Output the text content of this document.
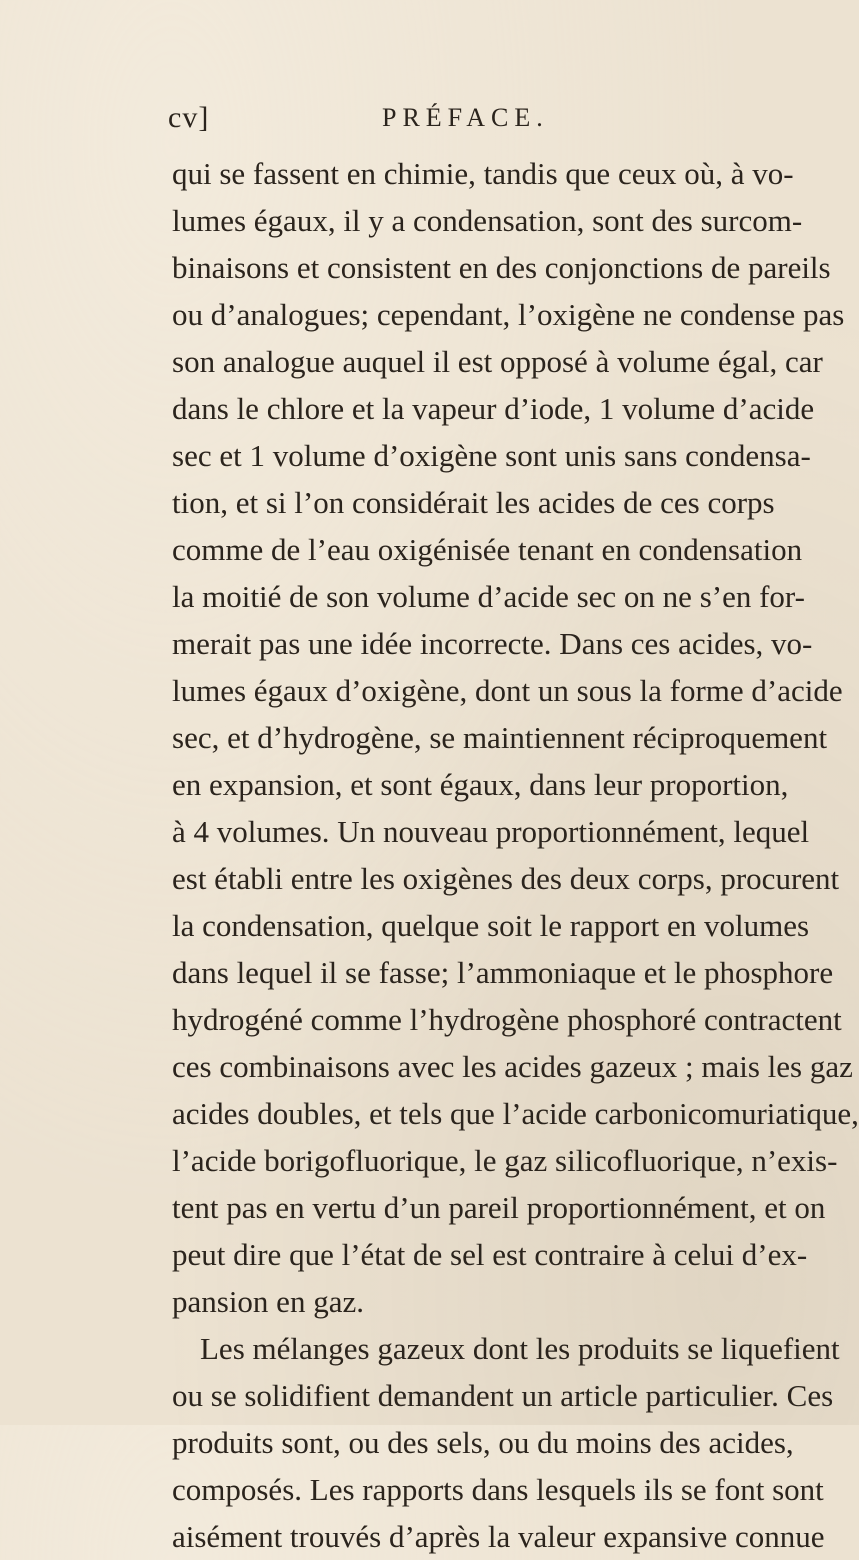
cv]	PRÉFACE.
qui se fassent en chimie, tandis que ceux où, à vo-
lumes égaux, il y a condensation, sont des surcom-
binaisons et consistent en des conjonctions de pareils
ou d’analogues; cependant, l’oxigène ne condense pas
son analogue auquel il est opposé à volume égal, car
dans le chlore et la vapeur d’iode, 1 volume d’acide
sec et 1 volume d’oxigène sont unis sans condensa-
tion, et si l’on considérait les acides de ces corps
comme de l’eau oxigénisée tenant en condensation
la moitié de son volume d’acide sec on ne s’en for-
merait pas une idée incorrecte. Dans ces acides, vo-
lumes égaux d’oxigène, dont un sous la forme d’acide
sec, et d’hydrogène, se maintiennent réciproquement
en expansion, et sont égaux, dans leur proportion,
à 4 volumes. Un nouveau proportionnément, lequel
est établi entre les oxigènes des deux corps, procurent
la condensation, quelque soit le rapport en volumes
dans lequel il se fasse; l’ammoniaque et le phosphore
hydrogéné comme l’hydrogène phosphoré contractent
ces combinaisons avec les acides gazeux ; mais les gaz
acides doubles, et tels que l’acide carbonicomuriatique,
l’acide borigofluorique, le gaz silicofluorique, n’exis-
tent pas en vertu d’un pareil proportionnément, et on
peut dire que l’état de sel est contraire à celui d’ex-
pansion en gaz.
Les mélanges gazeux dont les produits se liquefient
ou se solidifient demandent un article particulier. Ces
produits sont, ou des sels, ou du moins des acides,
composés. Les rapports dans lesquels ils se font sont
aisément trouvés d’après la valeur expansive connue
